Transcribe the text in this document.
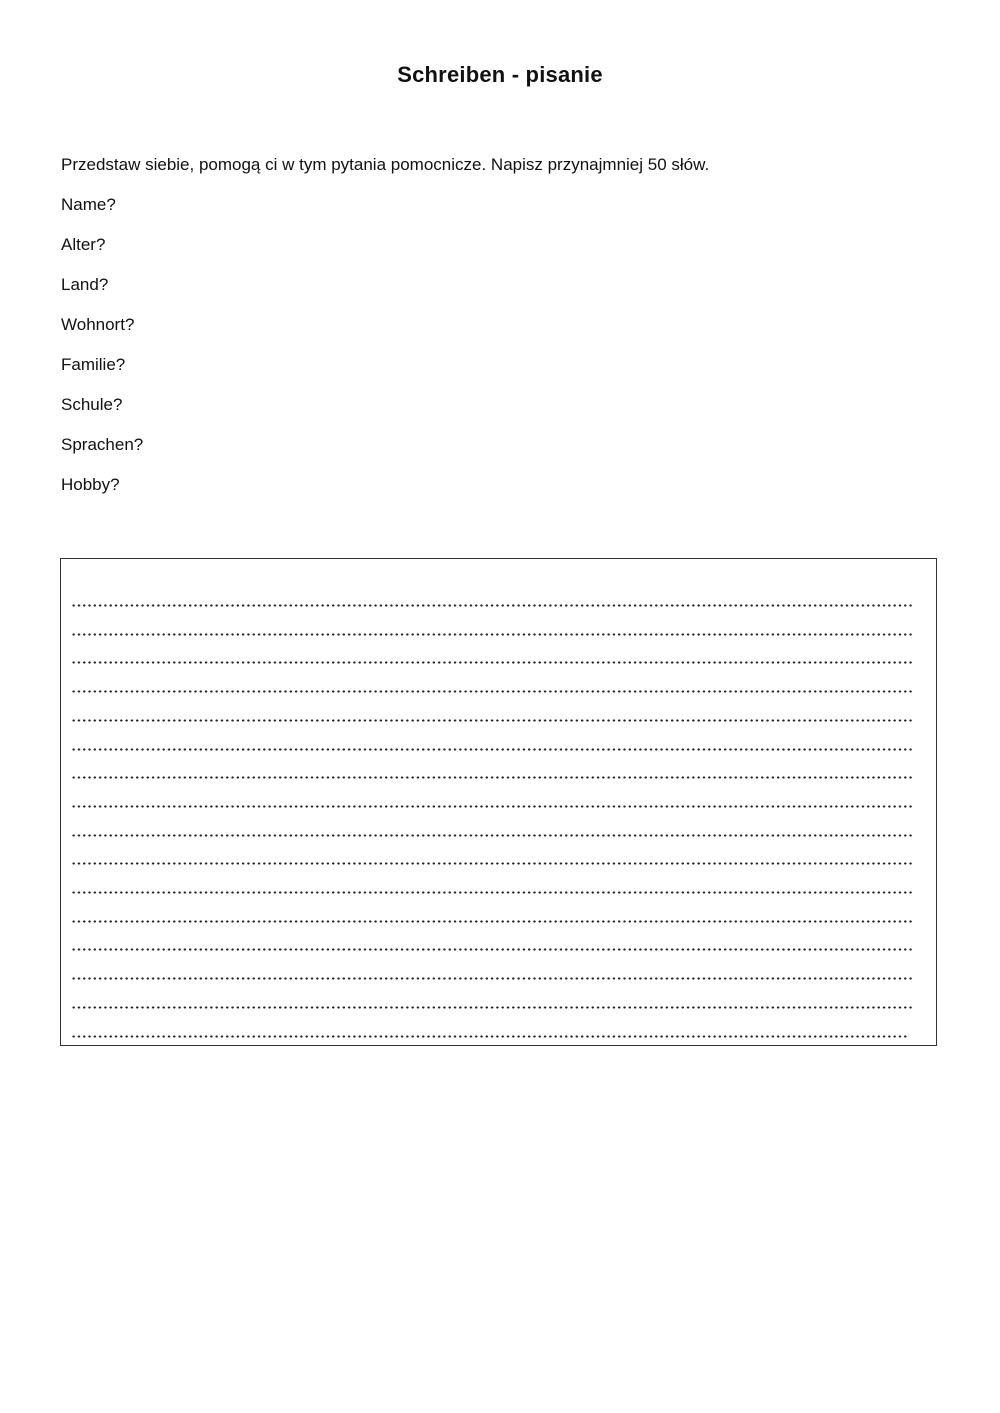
Schreiben - pisanie

Przedstaw siebie, pomogą ci w tym pytania pomocnicze. Napisz przynajmniej 50 słów.

Name?
Alter?
Land?
Wohnort?
Familie?
Schule?
Sprachen?
Hobby?
